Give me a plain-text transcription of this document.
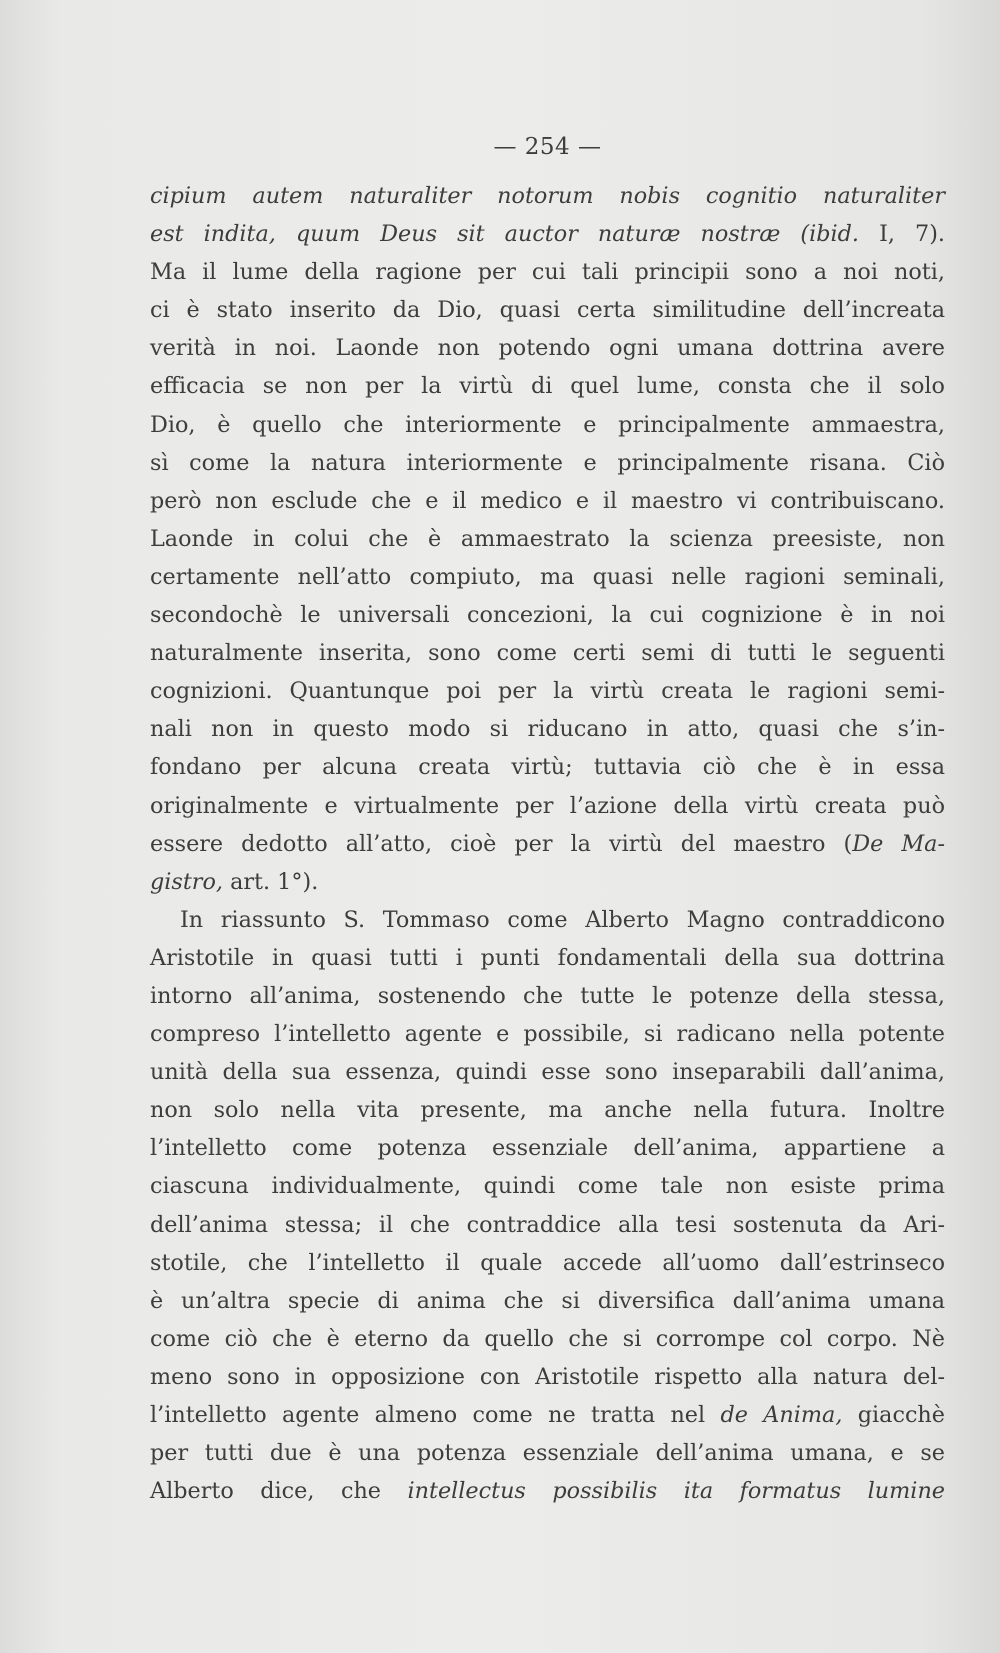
— 254 —
cipium autem naturaliter notorum nobis cognitio naturaliter
est indita, quum Deus sit auctor naturæ nostræ (ibid. I, 7).
Ma il lume della ragione per cui tali principii sono a noi noti,
ci è stato inserito da Dio, quasi certa similitudine dell’increata
verità in noi. Laonde non potendo ogni umana dottrina avere
efficacia se non per la virtù di quel lume, consta che il solo
Dio, è quello che interiormente e principalmente ammaestra,
sì come la natura interiormente e principalmente risana. Ciò
però non esclude che e il medico e il maestro vi contribuiscano.
Laonde in colui che è ammaestrato la scienza preesiste, non
certamente nell’atto compiuto, ma quasi nelle ragioni seminali,
secondochè le universali concezioni, la cui cognizione è in noi
naturalmente inserita, sono come certi semi di tutti le seguenti
cognizioni. Quantunque poi per la virtù creata le ragioni semi-
nali non in questo modo si riducano in atto, quasi che s’in-
fondano per alcuna creata virtù; tuttavia ciò che è in essa
originalmente e virtualmente per l’azione della virtù creata può
essere dedotto all’atto, cioè per la virtù del maestro (De Ma-
gistro, art. 1°).
In riassunto S. Tommaso come Alberto Magno contraddicono
Aristotile in quasi tutti i punti fondamentali della sua dottrina
intorno all’anima, sostenendo che tutte le potenze della stessa,
compreso l’intelletto agente e possibile, si radicano nella potente
unità della sua essenza, quindi esse sono inseparabili dall’anima,
non solo nella vita presente, ma anche nella futura. Inoltre
l’intelletto come potenza essenziale dell’anima, appartiene a
ciascuna individualmente, quindi come tale non esiste prima
dell’anima stessa; il che contraddice alla tesi sostenuta da Ari-
stotile, che l’intelletto il quale accede all’uomo dall’estrinseco
è un’altra specie di anima che si diversifica dall’anima umana
come ciò che è eterno da quello che si corrompe col corpo. Nè
meno sono in opposizione con Aristotile rispetto alla natura del-
l’intelletto agente almeno come ne tratta nel de Anima, giacchè
per tutti due è una potenza essenziale dell’anima umana, e se
Alberto dice, che intellectus possibilis ita formatus lumine
